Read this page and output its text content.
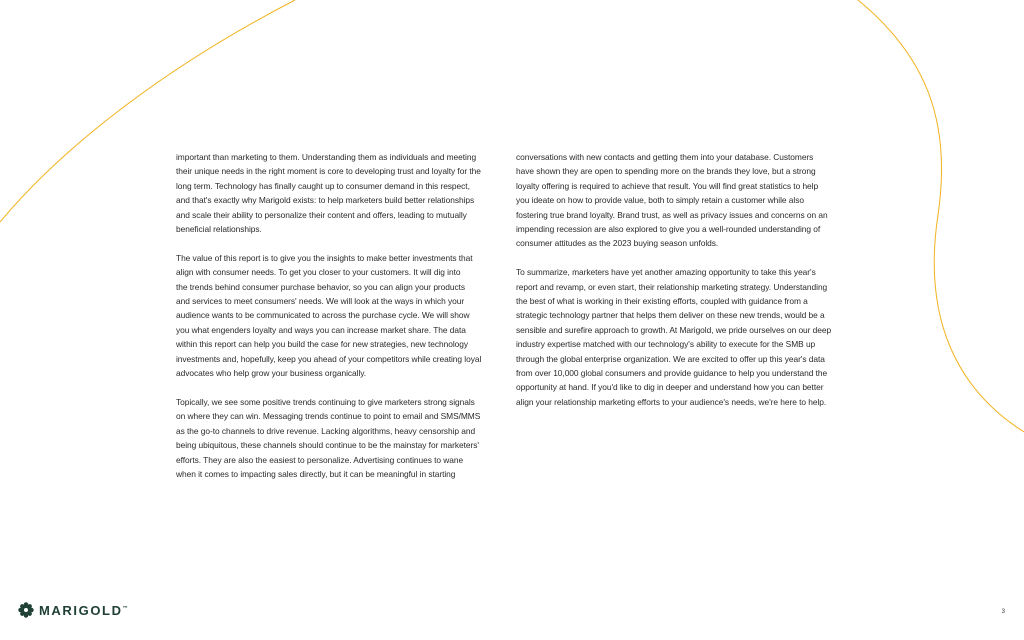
important than marketing to them. Understanding them as individuals and meeting
their unique needs in the right moment is core to developing trust and loyalty for the
long term. Technology has finally caught up to consumer demand in this respect,
and that's exactly why Marigold exists: to help marketers build better relationships
and scale their ability to personalize their content and offers, leading to mutually
beneficial relationships.

The value of this report is to give you the insights to make better investments that
align with consumer needs. To get you closer to your customers. It will dig into
the trends behind consumer purchase behavior, so you can align your products
and services to meet consumers' needs. We will look at the ways in which your
audience wants to be communicated to across the purchase cycle. We will show
you what engenders loyalty and ways you can increase market share. The data
within this report can help you build the case for new strategies, new technology
investments and, hopefully, keep you ahead of your competitors while creating loyal
advocates who help grow your business organically.

Topically, we see some positive trends continuing to give marketers strong signals
on where they can win. Messaging trends continue to point to email and SMS/MMS
as the go-to channels to drive revenue. Lacking algorithms, heavy censorship and
being ubiquitous, these channels should continue to be the mainstay for marketers'
efforts. They are also the easiest to personalize. Advertising continues to wane
when it comes to impacting sales directly, but it can be meaningful in starting

conversations with new contacts and getting them into your database. Customers
have shown they are open to spending more on the brands they love, but a strong
loyalty offering is required to achieve that result. You will find great statistics to help
you ideate on how to provide value, both to simply retain a customer while also
fostering true brand loyalty. Brand trust, as well as privacy issues and concerns on an
impending recession are also explored to give you a well-rounded understanding of
consumer attitudes as the 2023 buying season unfolds.

To summarize, marketers have yet another amazing opportunity to take this year's
report and revamp, or even start, their relationship marketing strategy. Understanding
the best of what is working in their existing efforts, coupled with guidance from a
strategic technology partner that helps them deliver on these new trends, would be a
sensible and surefire approach to growth. At Marigold, we pride ourselves on our deep
industry expertise matched with our technology's ability to execute for the SMB up
through the global enterprise organization. We are excited to offer up this year's data
from over 10,000 global consumers and provide guidance to help you understand the
opportunity at hand. If you'd like to dig in deeper and understand how you can better
align your relationship marketing efforts to your audience's needs, we're here to help.

MARIGOLD™
3
